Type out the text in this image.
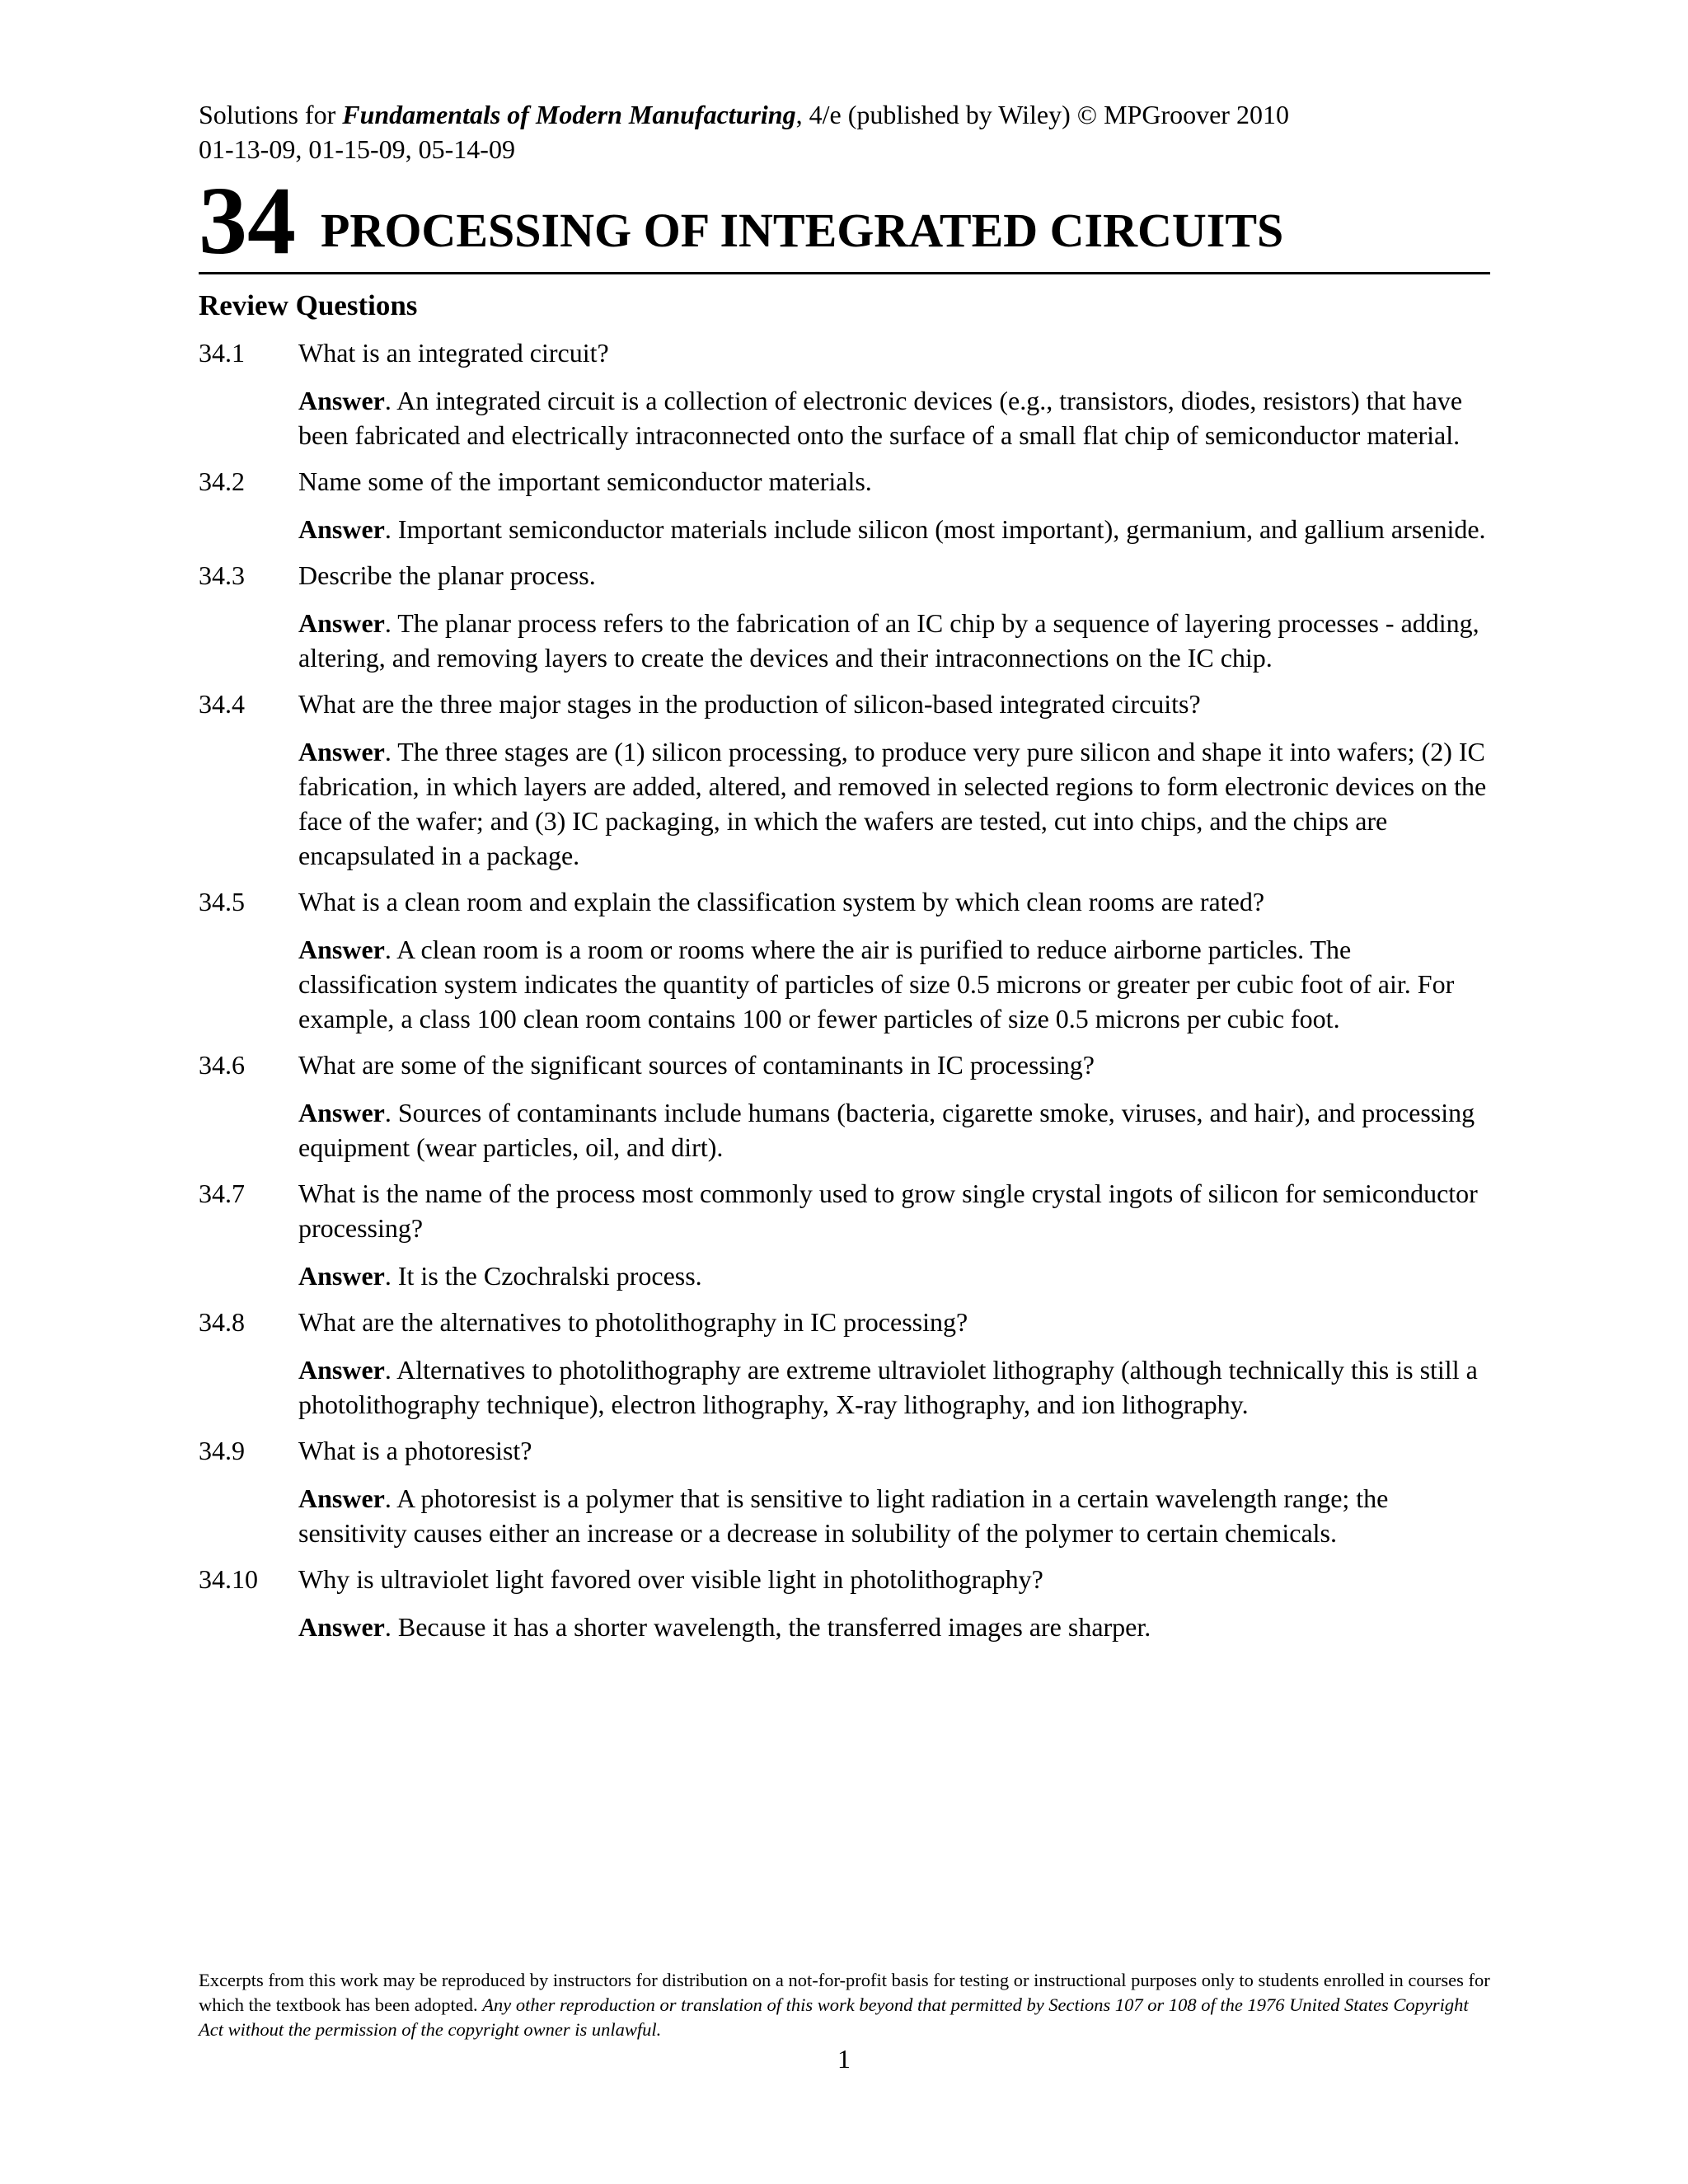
Solutions for Fundamentals of Modern Manufacturing, 4/e (published by Wiley) © MPGroover 2010
01-13-09, 01-15-09, 05-14-09
34 PROCESSING OF INTEGRATED CIRCUITS
Review Questions
34.1	What is an integrated circuit?
Answer. An integrated circuit is a collection of electronic devices (e.g., transistors, diodes, resistors) that have been fabricated and electrically intraconnected onto the surface of a small flat chip of semiconductor material.
34.2	Name some of the important semiconductor materials.
Answer. Important semiconductor materials include silicon (most important), germanium, and gallium arsenide.
34.3	Describe the planar process.
Answer. The planar process refers to the fabrication of an IC chip by a sequence of layering processes - adding, altering, and removing layers to create the devices and their intraconnections on the IC chip.
34.4	What are the three major stages in the production of silicon-based integrated circuits?
Answer. The three stages are (1) silicon processing, to produce very pure silicon and shape it into wafers; (2) IC fabrication, in which layers are added, altered, and removed in selected regions to form electronic devices on the face of the wafer; and (3) IC packaging, in which the wafers are tested, cut into chips, and the chips are encapsulated in a package.
34.5	What is a clean room and explain the classification system by which clean rooms are rated?
Answer. A clean room is a room or rooms where the air is purified to reduce airborne particles. The classification system indicates the quantity of particles of size 0.5 microns or greater per cubic foot of air. For example, a class 100 clean room contains 100 or fewer particles of size 0.5 microns per cubic foot.
34.6	What are some of the significant sources of contaminants in IC processing?
Answer. Sources of contaminants include humans (bacteria, cigarette smoke, viruses, and hair), and processing equipment (wear particles, oil, and dirt).
34.7	What is the name of the process most commonly used to grow single crystal ingots of silicon for semiconductor processing?
Answer. It is the Czochralski process.
34.8	What are the alternatives to photolithography in IC processing?
Answer. Alternatives to photolithography are extreme ultraviolet lithography (although technically this is still a photolithography technique), electron lithography, X-ray lithography, and ion lithography.
34.9	What is a photoresist?
Answer. A photoresist is a polymer that is sensitive to light radiation in a certain wavelength range; the sensitivity causes either an increase or a decrease in solubility of the polymer to certain chemicals.
34.10	Why is ultraviolet light favored over visible light in photolithography?
Answer. Because it has a shorter wavelength, the transferred images are sharper.
Excerpts from this work may be reproduced by instructors for distribution on a not-for-profit basis for testing or instructional purposes only to students enrolled in courses for which the textbook has been adopted. Any other reproduction or translation of this work beyond that permitted by Sections 107 or 108 of the 1976 United States Copyright Act without the permission of the copyright owner is unlawful.
1
